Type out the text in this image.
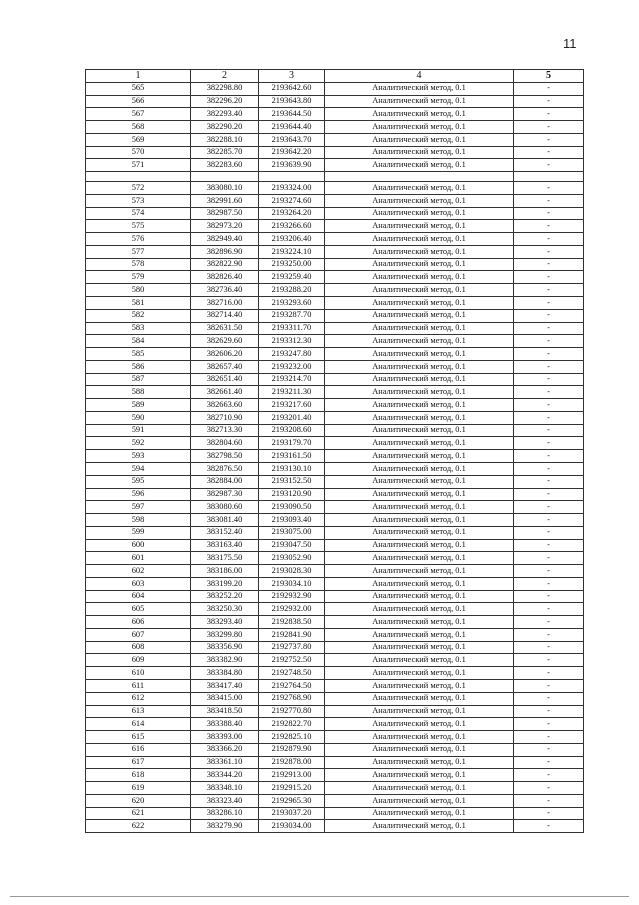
11
1	2	3	4	5
565	382298.80	2193642.60	Аналитический метод, 0.1	-
566	382296.20	2193643.80	Аналитический метод, 0.1	-
567	382293.40	2193644.50	Аналитический метод, 0.1	-
568	382290.20	2193644.40	Аналитический метод, 0.1	-
569	382288.10	2193643.70	Аналитический метод, 0.1	-
570	382285.70	2193642.20	Аналитический метод, 0.1	-
571	382283.60	2193639.90	Аналитический метод, 0.1	-

572	383080.10	2193324.00	Аналитический метод, 0.1	-
573	382991.60	2193274.60	Аналитический метод, 0.1	-
574	382987.50	2193264.20	Аналитический метод, 0.1	-
575	382973.20	2193266.60	Аналитический метод, 0.1	-
576	382949.40	2193206.40	Аналитический метод, 0.1	-
577	382896.90	2193224.10	Аналитический метод, 0.1	-
578	382822.90	2193250.00	Аналитический метод, 0.1	-
579	382826.40	2193259.40	Аналитический метод, 0.1	-
580	382736.40	2193288.20	Аналитический метод, 0.1	-
581	382716.00	2193293.60	Аналитический метод, 0.1	-
582	382714.40	2193287.70	Аналитический метод, 0.1	-
583	382631.50	2193311.70	Аналитический метод, 0.1	-
584	382629.60	2193312.30	Аналитический метод, 0.1	-
585	382606.20	2193247.80	Аналитический метод, 0.1	-
586	382657.40	2193232.00	Аналитический метод, 0.1	-
587	382651.40	2193214.70	Аналитический метод, 0.1	-
588	382661.40	2193211.30	Аналитический метод, 0.1	-
589	382663.60	2193217.60	Аналитический метод, 0.1	-
590	382710.90	2193201.40	Аналитический метод, 0.1	-
591	382713.30	2193208.60	Аналитический метод, 0.1	-
592	382804.60	2193179.70	Аналитический метод, 0.1	-
593	382798.50	2193161.50	Аналитический метод, 0.1	-
594	382876.50	2193130.10	Аналитический метод, 0.1	-
595	382884.00	2193152.50	Аналитический метод, 0.1	-
596	382987.30	2193120.90	Аналитический метод, 0.1	-
597	383080.60	2193090.50	Аналитический метод, 0.1	-
598	383081.40	2193093.40	Аналитический метод, 0.1	-
599	383152.40	2193075.00	Аналитический метод, 0.1	-
600	383163.40	2193047.50	Аналитический метод, 0.1	-
601	383175.50	2193052.90	Аналитический метод, 0.1	-
602	383186.00	2193028.30	Аналитический метод, 0.1	-
603	383199.20	2193034.10	Аналитический метод, 0.1	-
604	383252.20	2192932.90	Аналитический метод, 0.1	-
605	383250.30	2192932.00	Аналитический метод, 0.1	-
606	383293.40	2192838.50	Аналитический метод, 0.1	-
607	383299.80	2192841.90	Аналитический метод, 0.1	-
608	383356.90	2192737.80	Аналитический метод, 0.1	-
609	383382.90	2192752.50	Аналитический метод, 0.1	-
610	383384.80	2192748.50	Аналитический метод, 0.1	-
611	383417.40	2192764.50	Аналитический метод, 0.1	-
612	383415.00	2192768.90	Аналитический метод, 0.1	-
613	383418.50	2192770.80	Аналитический метод, 0.1	-
614	383388.40	2192822.70	Аналитический метод, 0.1	-
615	383393.00	2192825.10	Аналитический метод, 0.1	-
616	383366.20	2192879.90	Аналитический метод, 0.1	-
617	383361.10	2192878.00	Аналитический метод, 0.1	-
618	383344.20	2192913.00	Аналитический метод, 0.1	-
619	383348.10	2192915.20	Аналитический метод, 0.1	-
620	383323.40	2192965.30	Аналитический метод, 0.1	-
621	383286.10	2193037.20	Аналитический метод, 0.1	-
622	383279.90	2193034.00	Аналитический метод, 0.1	-
